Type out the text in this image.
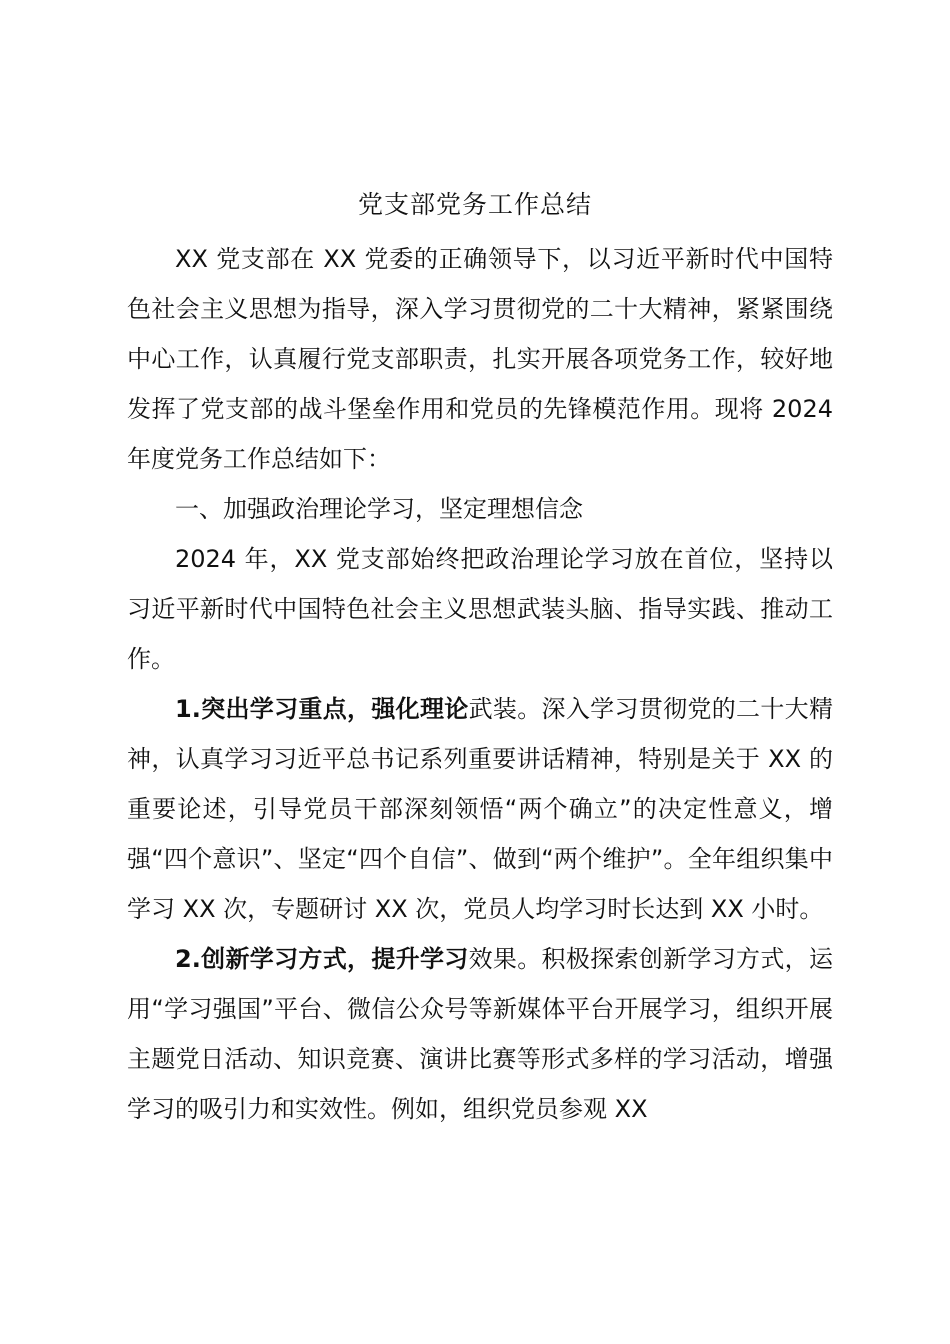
党支部党务工作总结

XX 党支部在 XX 党委的正确领导下，以习近平新时代中国特色社会主义思想为指导，深入学习贯彻党的二十大精神，紧紧围绕中心工作，认真履行党支部职责，扎实开展各项党务工作，较好地发挥了党支部的战斗堡垒作用和党员的先锋模范作用。现将 2024 年度党务工作总结如下：

一、加强政治理论学习，坚定理想信念

2024 年，XX 党支部始终把政治理论学习放在首位，坚持以习近平新时代中国特色社会主义思想武装头脑、指导实践、推动工作。

1.突出学习重点，强化理论武装。深入学习贯彻党的二十大精神，认真学习习近平总书记系列重要讲话精神，特别是关于 XX 的重要论述，引导党员干部深刻领悟“两个确立”的决定性意义，增强“四个意识”、坚定“四个自信”、做到“两个维护”。全年组织集中学习 XX 次，专题研讨 XX 次，党员人均学习时长达到 XX 小时。

2.创新学习方式，提升学习效果。积极探索创新学习方式，运用“学习强国”平台、微信公众号等新媒体平台开展学习，组织开展主题党日活动、知识竞赛、演讲比赛等形式多样的学习活动，增强学习的吸引力和实效性。例如，组织党员参观 XX
